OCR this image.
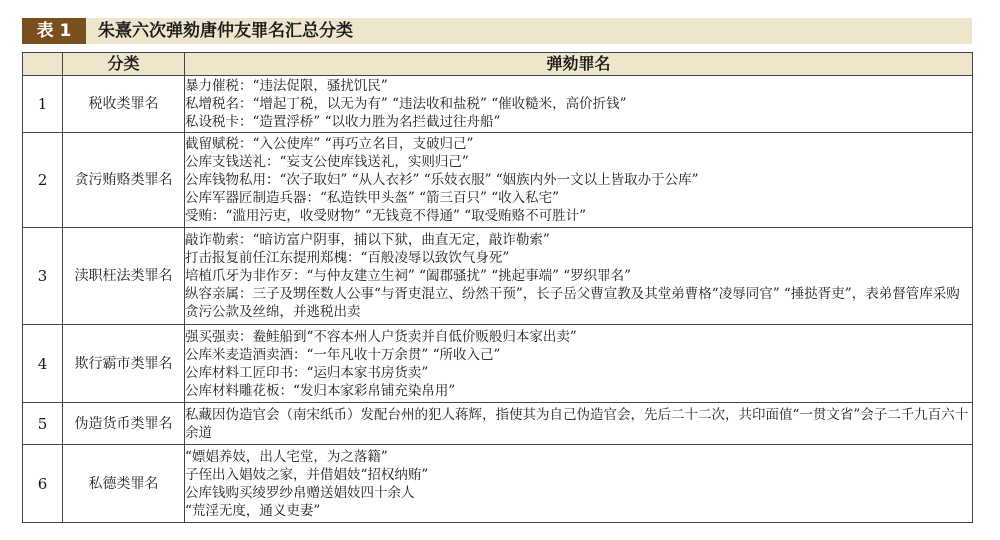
表 1	朱熹六次弹劾唐仲友罪名汇总分类
	分类	弹劾罪名
1	税收类罪名	暴力催税：“违法促限，骚扰饥民”
私增税名：“增起丁税，以无为有” “违法收和盐税” “催收糙米，高价折钱”
私设税卡：“造置浮桥” “以收力胜为名拦截过往舟船”

2	贪污贿赂类罪名	截留赋税：“入公使库” “再巧立名目，支破归己”
公库支钱送礼：“妄支公使库钱送礼，实则归己”
公库钱物私用：“次子取妇” “从人衣衫” “乐妓衣服” “姻族内外一文以上皆取办于公库”
公库军器匠制造兵器：“私造铁甲头盔” “箭三百只” “收入私宅”
受贿：“滥用污吏，收受财物” “无钱竟不得通” “取受贿赂不可胜计”

3	渎职枉法类罪名	敲诈勒索：“暗访富户阴事，捕以下狱，曲直无定，敲诈勒索”
打击报复前任江东提刑郑槐：“百般凌辱以致饮气身死”
培植爪牙为非作歹：“与仲友建立生祠” “阖郡骚扰” “挑起事端” “罗织罪名”
纵容亲属：三子及甥侄数人公事“与胥吏混立、纷然干预”，长子岳父曹宣教及其堂弟曹格“凌辱同官” “捶挞胥吏”，表弟督管库采购贪污公款及丝绵，并逃税出卖

4	欺行霸市类罪名	强买强卖：鲞鲑船到“不容本州人户货卖并自低价贩般归本家出卖”
公库米麦造酒卖酒：“一年凡收十万余贯” “所收入己”
公库材料工匠印书：“运归本家书房货卖”
公库材料雕花板：“发归本家彩帛铺充染帛用”

5	伪造货币类罪名	私藏因伪造官会（南宋纸币）发配台州的犯人蒋辉，指使其为自己伪造官会，先后二十二次，共印面值“一贯文省”会子二千九百六十余道

6	私德类罪名	“嫖娼养妓，出人宅堂，为之落籍”
子侄出入娼妓之家，并借娼妓“招权纳贿”
公库钱购买绫罗纱帛赠送娼妓四十余人
“荒淫无度，通义吏妻”
